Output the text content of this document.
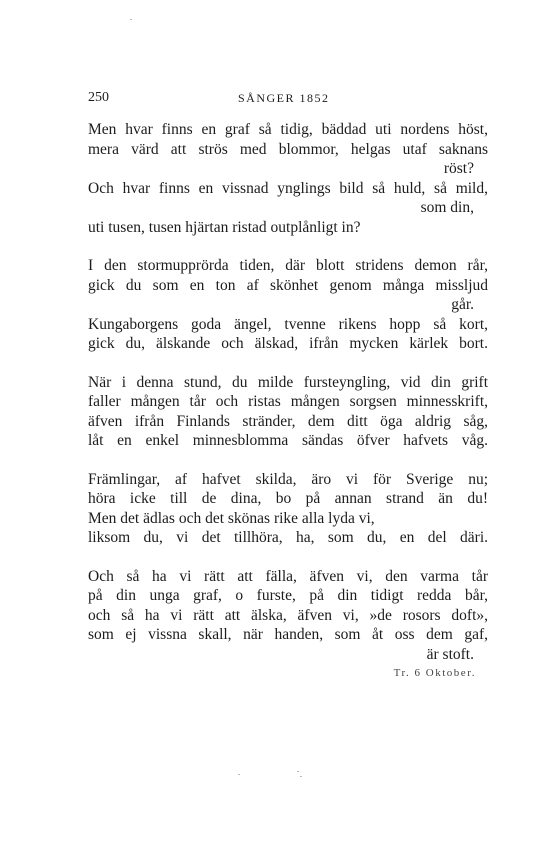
250	SÅNGER 1852
Men hvar finns en graf så tidig, bäddad uti nordens höst,
mera värd att strös med blommor, helgas utaf saknans
röst?
Och hvar finns en vissnad ynglings bild så huld, så mild,
som din,
uti tusen, tusen hjärtan ristad outplånligt in?
I den stormupprörda tiden, där blott stridens demon rår,
gick du som en ton af skönhet genom många missljud
går.
Kungaborgens goda ängel, tvenne rikens hopp så kort,
gick du, älskande och älskad, ifrån mycken kärlek bort.
När i denna stund, du milde fursteyngling, vid din grift
faller mången tår och ristas mången sorgsen minnesskrift,
äfven ifrån Finlands stränder, dem ditt öga aldrig såg,
låt en enkel minnesblomma sändas öfver hafvets våg.
Främlingar, af hafvet skilda, äro vi för Sverige nu;
höra icke till de dina, bo på annan strand än du!
Men det ädlas och det skönas rike alla lyda vi,
liksom du, vi det tillhöra, ha, som du, en del däri.
Och så ha vi rätt att fälla, äfven vi, den varma tår
på din unga graf, o furste, på din tidigt redda bår,
och så ha vi rätt att älska, äfven vi, »de rosors doft»,
som ej vissna skall, när handen, som åt oss dem gaf,
är stoft.
Tr. 6 Oktober.
